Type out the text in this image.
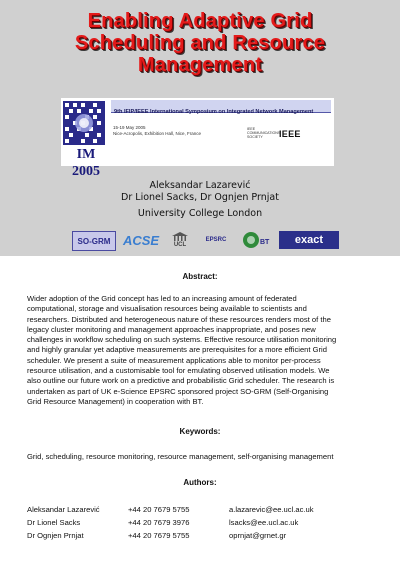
Enabling Adaptive Grid
Scheduling and Resource
Management
IM 2005
9th IFIP/IEEE International Symposium on Integrated Network Management
15-19 May 2005
Nice-Acropolis, Exhibition Hall, Nice, France
IEEE COMMUNICATIONS SOCIETY	IEEE
Aleksandar Lazarević
Dr Lionel Sacks, Dr Ognjen Prnjat
University College London
SO-GRM ACSE UCL
EPSRC	BT	exact
Abstract:
Wider adoption of the Grid concept has led to an increasing amount of federated
computational, storage and visualisation resources being available to scientists and
researchers. Distributed and heterogeneous nature of these resources renders most of the
legacy cluster monitoring and management approaches inappropriate, and poses new
challenges in workflow scheduling on such systems. Effective resource utilisation monitoring
and highly granular yet adaptive measurements are prerequisites for a more efficient Grid
scheduler. We present a suite of measurement applications able to monitor per-process
resource utilisation, and a customisable tool for emulating observed utilisation models. We
also outline our future work on a predictive and probabilistic Grid scheduler. The research is
undertaken as part of UK e-Science EPSRC sponsored project SO-GRM (Self-Organising
Grid Resource Management) in cooperation with BT.
Keywords:
Grid, scheduling, resource monitoring, resource management, self-organising management
Authors:
Aleksandar Lazarević	+44 20 7679 5755	a.lazarevic@ee.ucl.ac.uk
Dr Lionel Sacks	+44 20 7679 3976	lsacks@ee.ucl.ac.uk
Dr Ognjen Prnjat	+44 20 7679 5755	oprnjat@grnet.gr
